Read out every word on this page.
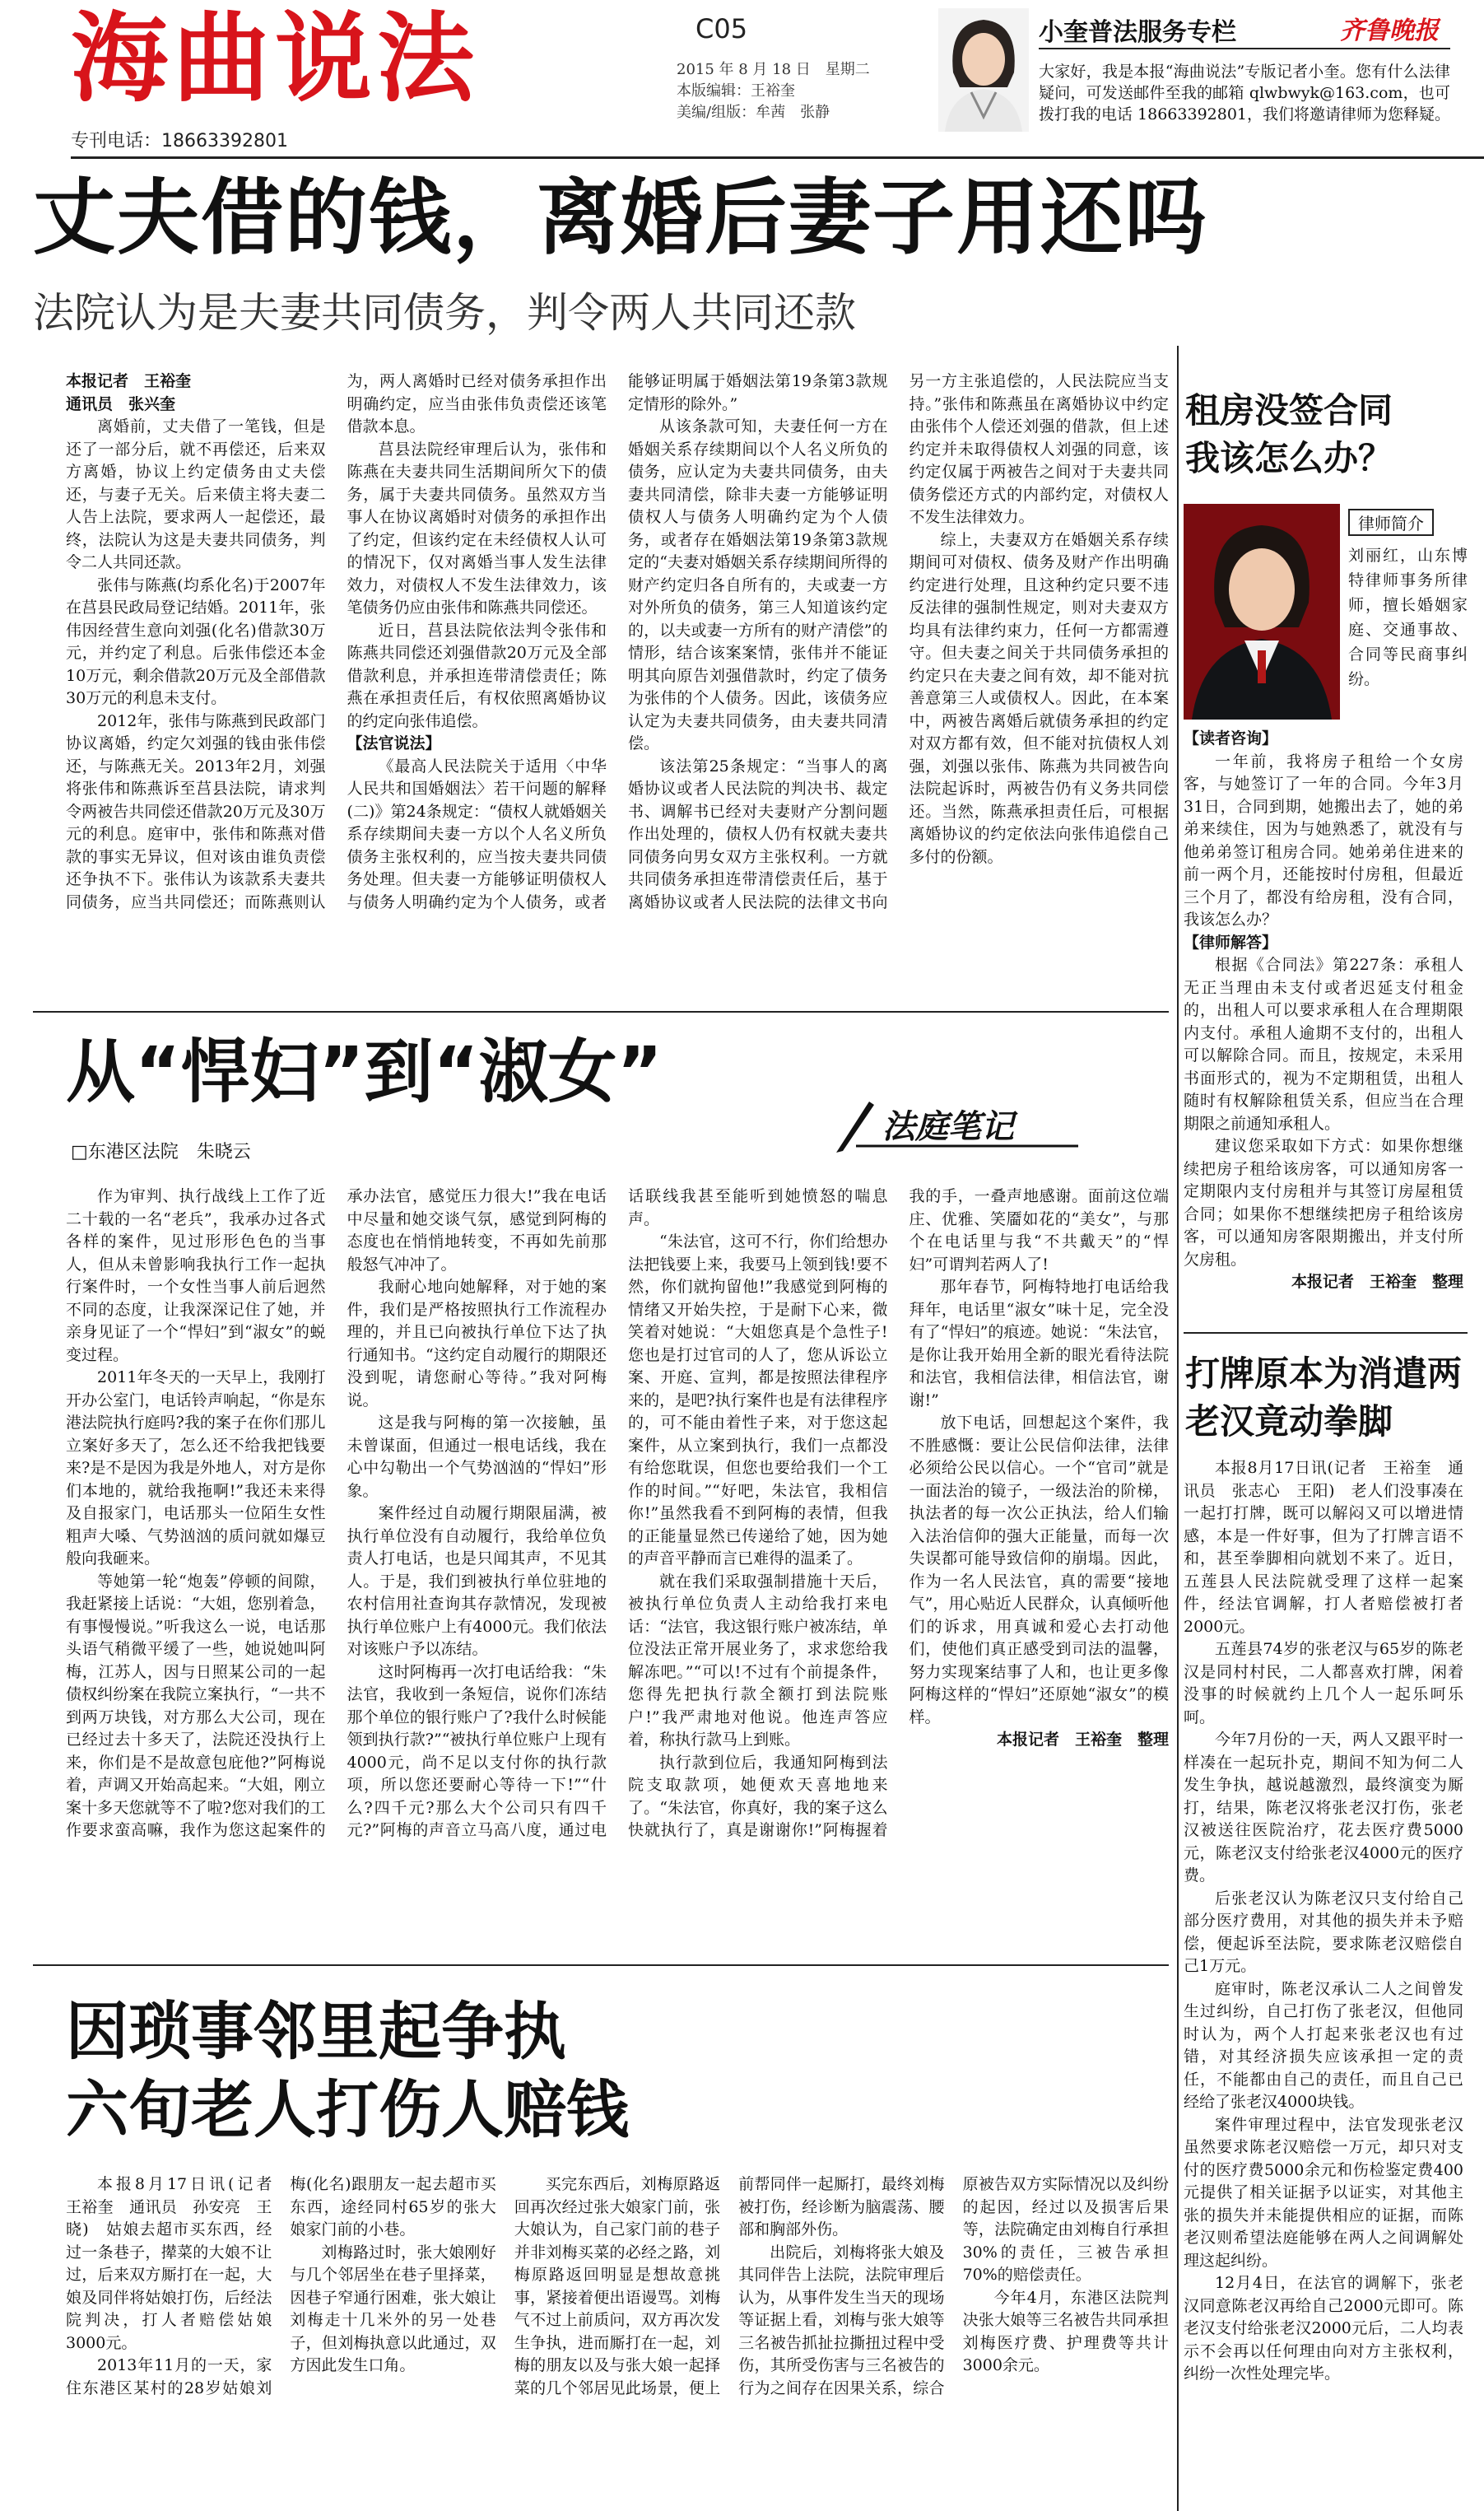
海曲说法
专刊电话：18663392801
C05
2015 年 8 月 18 日　星期二
本版编辑：王裕奎
美编/组版：牟茜　张静
小奎普法服务专栏	齐鲁晚报
大家好，我是本报“海曲说法”专版记者小奎。您有什么法律疑问，可发送邮件至我的邮箱 qlwbwyk@163.com，也可拨打我的电话 18663392801，我们将邀请律师为您释疑。
丈夫借的钱，离婚后妻子用还吗
法院认为是夫妻共同债务，判令两人共同还款
本报记者　王裕奎
通讯员　张兴奎

离婚前，丈夫借了一笔钱，但是还了一部分后，就不再偿还，后来双方离婚，协议上约定债务由丈夫偿还，与妻子无关。后来债主将夫妻二人告上法院，要求两人一起偿还，最终，法院认为这是夫妻共同债务，判令二人共同还款。

张伟与陈燕(均系化名)于2007年在莒县民政局登记结婚。2011年，张伟因经营生意向刘强(化名)借款30万元，并约定了利息。后张伟偿还本金10万元，剩余借款20万元及全部借款30万元的利息未支付。

2012年，张伟与陈燕到民政部门协议离婚，约定欠刘强的钱由张伟偿还，与陈燕无关。2013年2月，刘强将张伟和陈燕诉至莒县法院，请求判令两被告共同偿还借款20万元及30万元的利息。庭审中，张伟和陈燕对借款的事实无异议，但对该由谁负责偿还争执不下。张伟认为该款系夫妻共同债务，应当共同偿还；而陈燕则认为，两人离婚时已经对债务承担作出明确约定，应当由张伟负责偿还该笔借款本息。

莒县法院经审理后认为，张伟和陈燕在夫妻共同生活期间所欠下的债务，属于夫妻共同债务。虽然双方当事人在协议离婚时对债务的承担作出了约定，但该约定在未经债权人认可的情况下，仅对离婚当事人发生法律效力，对债权人不发生法律效力，该笔债务仍应由张伟和陈燕共同偿还。

近日，莒县法院依法判令张伟和陈燕共同偿还刘强借款20万元及全部借款利息，并承担连带清偿责任；陈燕在承担责任后，有权依照离婚协议的约定向张伟追偿。

【法官说法】

《最高人民法院关于适用〈中华人民共和国婚姻法〉若干问题的解释(二)》第24条规定：“债权人就婚姻关系存续期间夫妻一方以个人名义所负债务主张权利的，应当按夫妻共同债务处理。但夫妻一方能够证明债权人与债务人明确约定为个人债务，或者能够证明属于婚姻法第19条第3款规定情形的除外。”

从该条款可知，夫妻任何一方在婚姻关系存续期间以个人名义所负的债务，应认定为夫妻共同债务，由夫妻共同清偿，除非夫妻一方能够证明债权人与债务人明确约定为个人债务，或者存在婚姻法第19条第3款规定的“夫妻对婚姻关系存续期间所得的财产约定归各自所有的，夫或妻一方对外所负的债务，第三人知道该约定的，以夫或妻一方所有的财产清偿”的情形，结合该案案情，张伟并不能证明其向原告刘强借款时，约定了债务为张伟的个人债务。因此，该债务应认定为夫妻共同债务，由夫妻共同清偿。

该法第25条规定：“当事人的离婚协议或者人民法院的判决书、裁定书、调解书已经对夫妻财产分割问题作出处理的，债权人仍有权就夫妻共同债务向男女双方主张权利。一方就共同债务承担连带清偿责任后，基于离婚协议或者人民法院的法律文书向另一方主张追偿的，人民法院应当支持。”张伟和陈燕虽在离婚协议中约定由张伟个人偿还刘强的借款，但上述约定并未取得债权人刘强的同意，该约定仅属于两被告之间对于夫妻共同债务偿还方式的内部约定，对债权人不发生法律效力。

综上，夫妻双方在婚姻关系存续期间可对债权、债务及财产作出明确约定进行处理，且这种约定只要不违反法律的强制性规定，则对夫妻双方均具有法律约束力，任何一方都需遵守。但夫妻之间关于共同债务承担的约定只在夫妻之间有效，却不能对抗善意第三人或债权人。因此，在本案中，两被告离婚后就债务承担的约定对双方都有效，但不能对抗债权人刘强，刘强以张伟、陈燕为共同被告向法院起诉时，两被告仍有义务共同偿还。当然，陈燕承担责任后，可根据离婚协议的约定依法向张伟追偿自己多付的份额。

租房没签合同我该怎么办？
律师简介
刘丽红，山东博特律师事务所律师，擅长婚姻家庭、交通事故、合同等民商事纠纷。
【读者咨询】

一年前，我将房子租给一个女房客，与她签订了一年的合同。今年3月31日，合同到期，她搬出去了，她的弟弟来续住，因为与她熟悉了，就没有与他弟弟签订租房合同。她弟弟住进来的前一两个月，还能按时付房租，但最近三个月了，都没有给房租，没有合同，我该怎么办？

【律师解答】

根据《合同法》第227条：承租人无正当理由未支付或者迟延支付租金的，出租人可以要求承租人在合理期限内支付。承租人逾期不支付的，出租人可以解除合同。而且，按规定，未采用书面形式的，视为不定期租赁，出租人随时有权解除租赁关系，但应当在合理期限之前通知承租人。

建议您采取如下方式：如果你想继续把房子租给该房客，可以通知房客一定期限内支付房租并与其签订房屋租赁合同；如果你不想继续把房子租给该房客，可以通知房客限期搬出，并支付所欠房租。

本报记者　王裕奎　整理
打牌原本为消遣两老汉竟动拳脚

本报8月17日讯(记者　王裕奎　通讯员　张志心　王阳)　老人们没事凑在一起打打牌，既可以解闷又可以增进情感，本是一件好事，但为了打牌言语不和，甚至拳脚相向就划不来了。近日，五莲县人民法院就受理了这样一起案件，经法官调解，打人者赔偿被打者2000元。

五莲县74岁的张老汉与65岁的陈老汉是同村村民，二人都喜欢打牌，闲着没事的时候就约上几个人一起乐呵乐呵。

今年7月份的一天，两人又跟平时一样凑在一起玩扑克，期间不知为何二人发生争执，越说越激烈，最终演变为厮打，结果，陈老汉将张老汉打伤，张老汉被送往医院治疗，花去医疗费5000元，陈老汉支付给张老汉4000元的医疗费。

后张老汉认为陈老汉只支付给自己部分医疗费用，对其他的损失并未予赔偿，便起诉至法院，要求陈老汉赔偿自己1万元。

庭审时，陈老汉承认二人之间曾发生过纠纷，自己打伤了张老汉，但他同时认为，两个人打起来张老汉也有过错，对其经济损失应该承担一定的责任，不能都由自己的责任，而且自己已经给了张老汉4000块钱。

案件审理过程中，法官发现张老汉虽然要求陈老汉赔偿一万元，却只对支付的医疗费5000余元和伤检鉴定费400元提供了相关证据予以证实，对其他主张的损失并未能提供相应的证据，而陈老汉则希望法庭能够在两人之间调解处理这起纠纷。

12月4日，在法官的调解下，张老汉同意陈老汉再给自己2000元即可。陈老汉支付给张老汉2000元后，二人均表示不会再以任何理由向对方主张权利，纠纷一次性处理完毕。

从“悍妇”到“淑女”
□东港区法院　朱晓云
法庭笔记

作为审判、执行战线上工作了近二十载的一名“老兵”，我承办过各式各样的案件，见过形形色色的当事人，但从未曾影响我执行工作一起执行案件时，一个女性当事人前后迥然不同的态度，让我深深记住了她，并亲身见证了一个“悍妇”到“淑女”的蜕变过程。

2011年冬天的一天早上，我刚打开办公室门，电话铃声响起，“你是东港法院执行庭吗?我的案子在你们那儿立案好多天了，怎么还不给我把钱要来?是不是因为我是外地人，对方是你们本地的，就给我拖啊!”我还未来得及自报家门，电话那头一位陌生女性粗声大嗓、气势汹汹的质问就如爆豆般向我砸来。

等她第一轮“炮轰”停顿的间隙，我赶紧接上话说：“大姐，您别着急，有事慢慢说。”听我这么一说，电话那头语气稍微平缓了一些，她说她叫阿梅，江苏人，因与日照某公司的一起债权纠纷案在我院立案执行，“一共不到两万块钱，对方那么大公司，现在已经过去十多天了，法院还没执行上来，你们是不是故意包庇他?”阿梅说着，声调又开始高起来。“大姐，刚立案十多天您就等不了啦?您对我们的工作要求蛮高嘛，我作为您这起案件的承办法官，感觉压力很大!”我在电话中尽量和她交谈气氛，感觉到阿梅的态度也在悄悄地转变，不再如先前那般怒气冲冲了。

我耐心地向她解释，对于她的案件，我们是严格按照执行工作流程办理的，并且已向被执行单位下达了执行通知书。“这约定自动履行的期限还没到呢，请您耐心等待。”我对阿梅说。

这是我与阿梅的第一次接触，虽未曾谋面，但通过一根电话线，我在心中勾勒出一个气势汹汹的“悍妇”形象。

案件经过自动履行期限届满，被执行单位没有自动履行，我给单位负责人打电话，也是只闻其声，不见其人。于是，我们到被执行单位驻地的农村信用社查询其存款情况，发现被执行单位账户上有4000元。我们依法对该账户予以冻结。

这时阿梅再一次打电话给我：“朱法官，我收到一条短信，说你们冻结那个单位的银行账户了?我什么时候能领到执行款?”“被执行单位账户上现有4000元，尚不足以支付你的执行款项，所以您还要耐心等待一下!”“什么?四千元?那么大个公司只有四千元?”阿梅的声音立马高八度，通过电话联线我甚至能听到她愤怒的喘息声。

“朱法官，这可不行，你们给想办法把钱要上来，我要马上领到钱!要不然，你们就拘留他!”我感觉到阿梅的情绪又开始失控，于是耐下心来，微笑着对她说：“大姐您真是个急性子!您也是打过官司的人了，您从诉讼立案、开庭、宣判，都是按照法律程序来的，是吧?执行案件也是有法律程序的，可不能由着性子来，对于您这起案件，从立案到执行，我们一点都没有给您耽误，但您也要给我们一个工作的时间。”“好吧，朱法官，我相信你!”虽然我看不到阿梅的表情，但我的正能量显然已传递给了她，因为她的声音平静而言已难得的温柔了。

就在我们采取强制措施十天后，被执行单位负责人主动给我打来电话：“法官，我这银行账户被冻结，单位没法正常开展业务了，求求您给我解冻吧。”“可以!不过有个前提条件，您得先把执行款全额打到法院账户!”我严肃地对他说。他连声答应着，称执行款马上到账。

执行款到位后，我通知阿梅到法院支取款项，她便欢天喜地地来了。“朱法官，你真好，我的案子这么快就执行了，真是谢谢你!”阿梅握着我的手，一叠声地感谢。面前这位端庄、优雅、笑靥如花的“美女”，与那个在电话里与我“不共戴天”的“悍妇”可谓判若两人了!

那年春节，阿梅特地打电话给我拜年，电话里“淑女”味十足，完全没有了“悍妇”的痕迹。她说：“朱法官，是你让我开始用全新的眼光看待法院和法官，我相信法律，相信法官，谢谢!”

放下电话，回想起这个案件，我不胜感慨：要让公民信仰法律，法律必须给公民以信心。一个“官司”就是一面法治的镜子，一级法治的阶梯，执法者的每一次公正执法，给人们输入法治信仰的强大正能量，而每一次失误都可能导致信仰的崩塌。因此，作为一名人民法官，真的需要“接地气”，用心贴近人民群众，认真倾听他们的诉求，用真诚和爱心去打动他们，使他们真正感受到司法的温馨，努力实现案结事了人和，也让更多像阿梅这样的“悍妇”还原她“淑女”的模样。

本报记者　王裕奎　整理
因琐事邻里起争执
六旬老人打伤人赔钱

本报8月17日讯(记者　王裕奎　通讯员　孙安亮　王晓)　姑娘去超市买东西，经过一条巷子，撵菜的大娘不让过，后来双方厮打在一起，大娘及同伴将姑娘打伤，后经法院判决，打人者赔偿姑娘3000元。

2013年11月的一天，家住东港区某村的28岁姑娘刘梅(化名)跟朋友一起去超市买东西，途经同村65岁的张大娘家门前的小巷。

刘梅路过时，张大娘刚好与几个邻居坐在巷子里择菜，因巷子窄通行困难，张大娘让刘梅走十几米外的另一处巷子，但刘梅执意以此通过，双方因此发生口角。

买完东西后，刘梅原路返回再次经过张大娘家门前，张大娘认为，自己家门前的巷子并非刘梅买菜的必经之路，刘梅原路返回明显是想故意挑事，紧接着便出语谩骂。刘梅气不过上前质问，双方再次发生争执，进而厮打在一起，刘梅的朋友以及与张大娘一起择菜的几个邻居见此场景，便上前帮同伴一起厮打，最终刘梅被打伤，经诊断为脑震荡、腰部和胸部外伤。

出院后，刘梅将张大娘及其同伴告上法院，法院审理后认为，从事件发生当天的现场等证据上看，刘梅与张大娘等三名被告抓扯拉撕扭过程中受伤，其所受伤害与三名被告的行为之间存在因果关系，综合原被告双方实际情况以及纠纷的起因，经过以及损害后果等，法院确定由刘梅自行承担30%的责任，三被告承担70%的赔偿责任。

今年4月，东港区法院判决张大娘等三名被告共同承担刘梅医疗费、护理费等共计3000余元。
